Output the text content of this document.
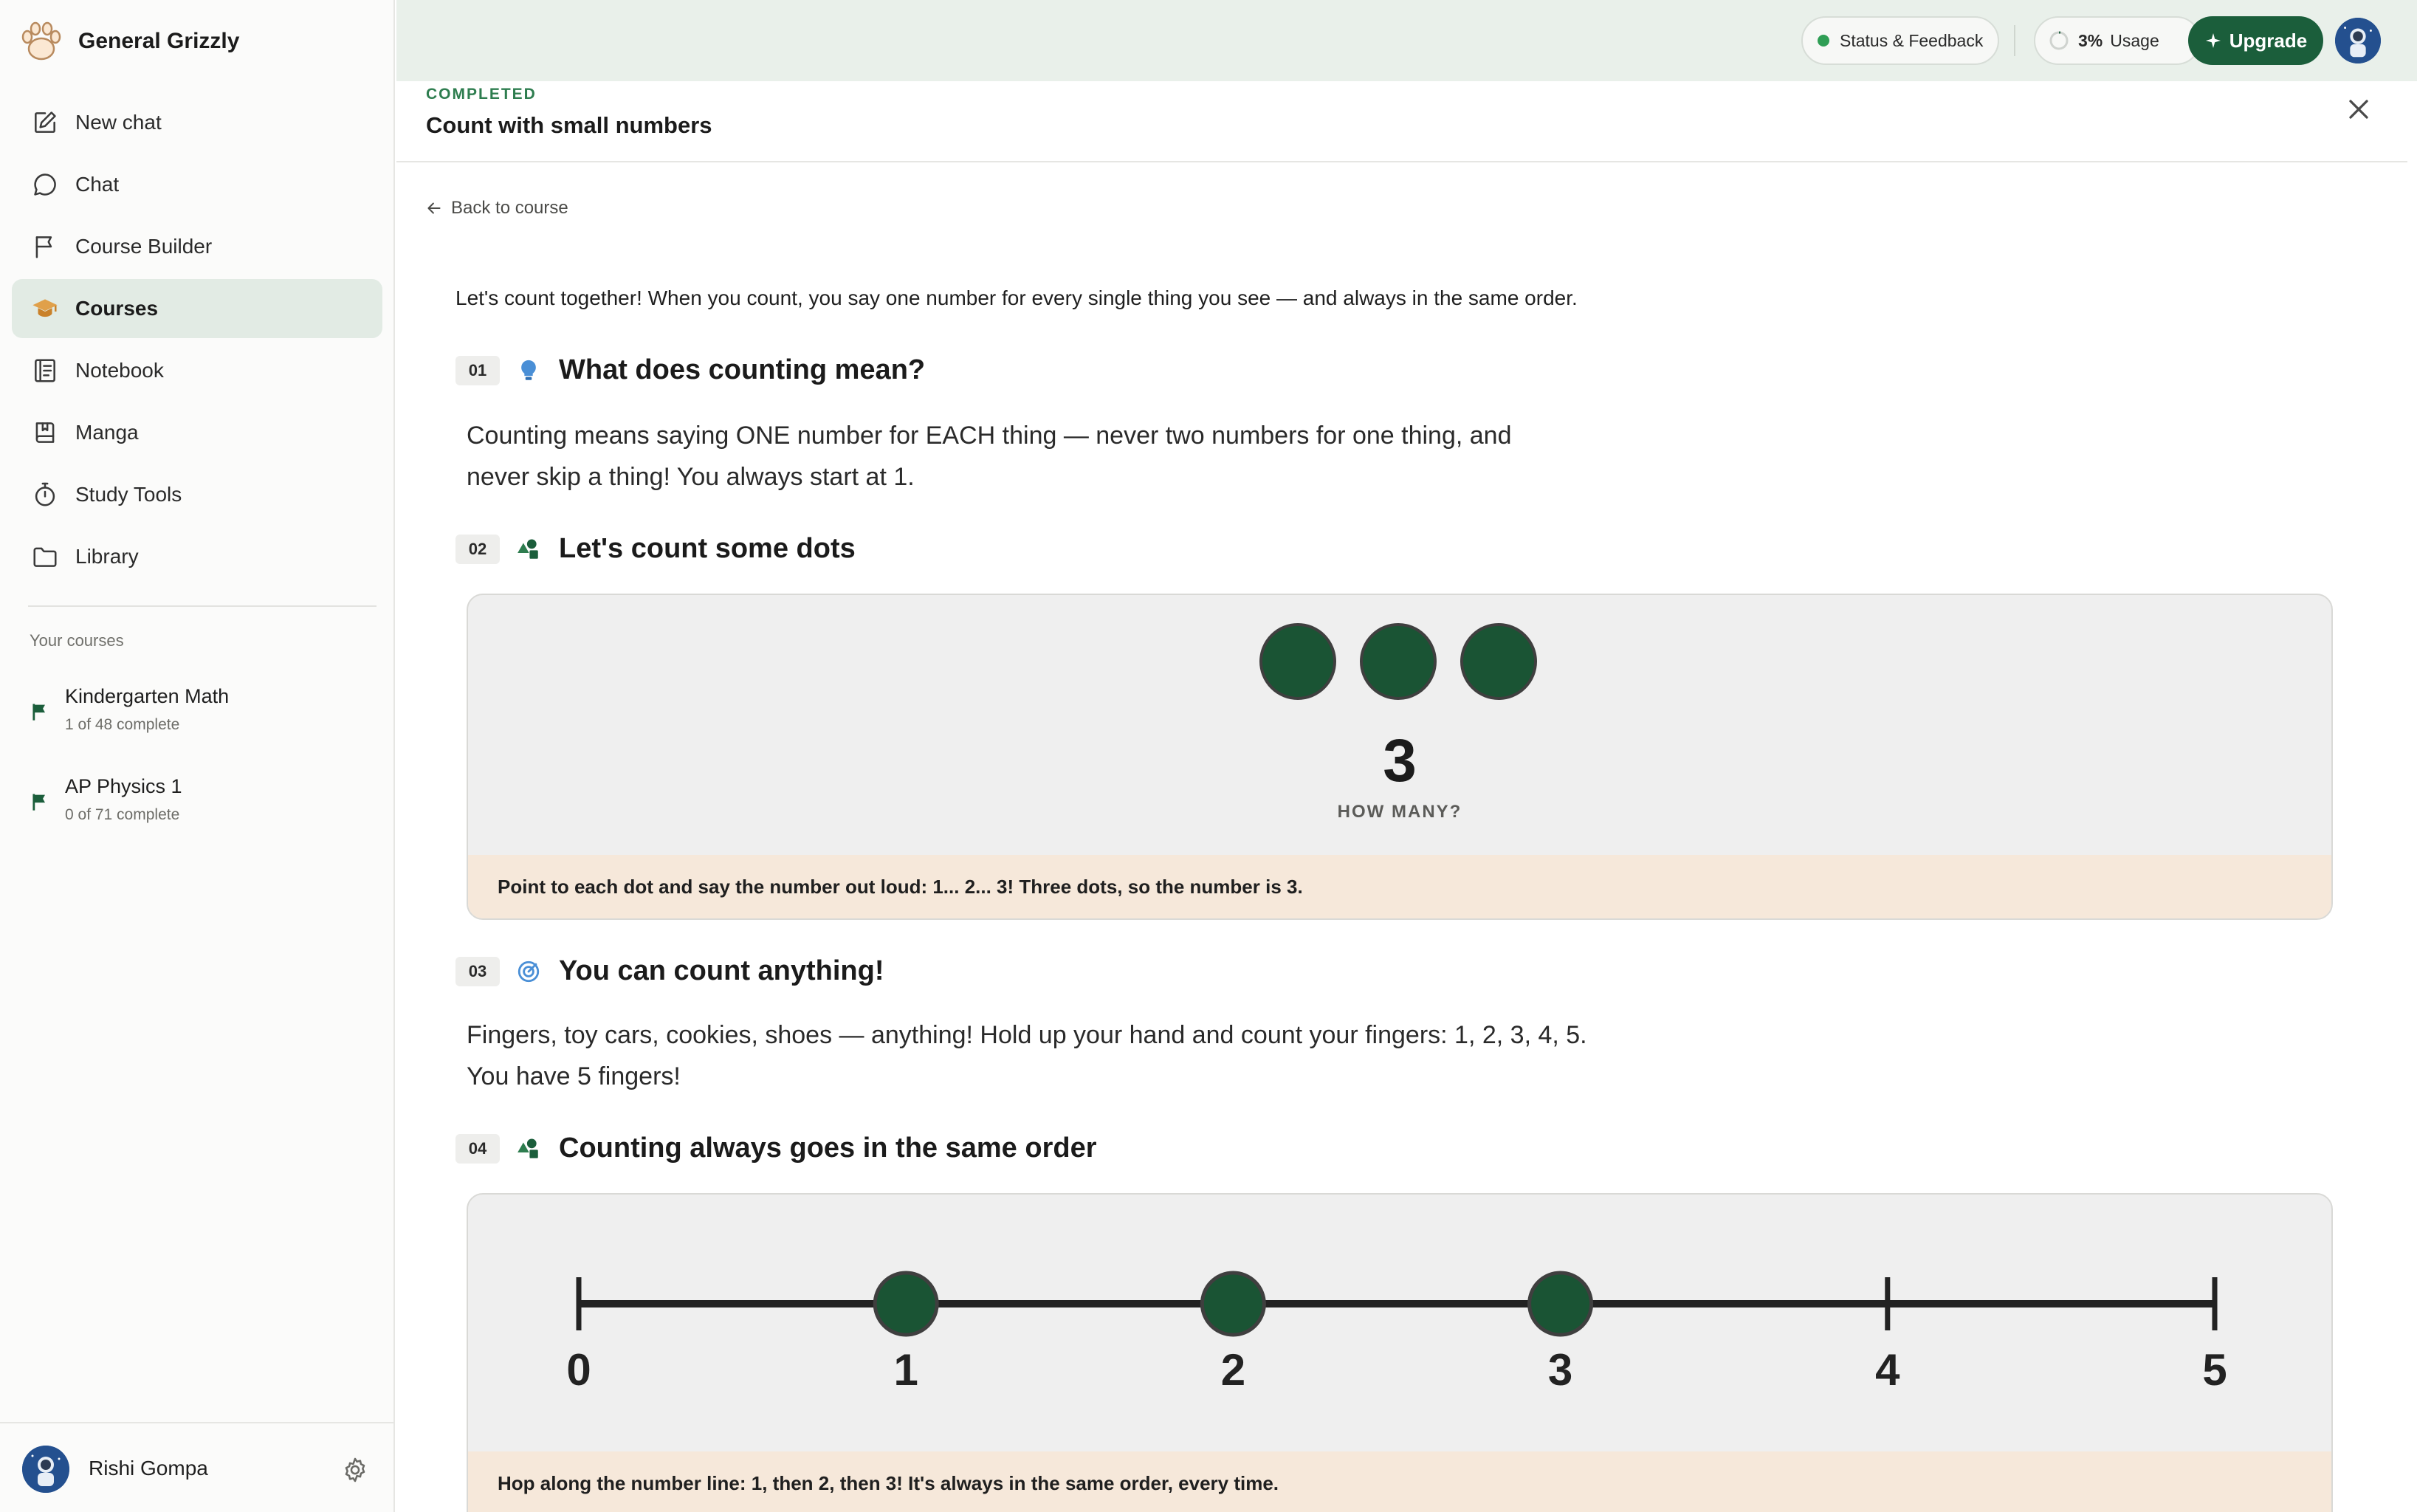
General Grizzly
New chat
Chat
Course Builder
Courses
Notebook
Manga
Study Tools
Library
Your courses
Kindergarten Math
1 of 48 complete
AP Physics 1
0 of 71 complete
Rishi Gompa
Status & Feedback	3% Usage	Upgrade
COMPLETED
Count with small numbers
Back to course
Let's count together! When you count, you say one number for every single thing you see — and always in the same order.
01	What does counting mean?
Counting means saying ONE number for EACH thing — never two numbers for one thing, and
never skip a thing! You always start at 1.
02	Let's count some dots
3
HOW MANY?
Point to each dot and say the number out loud: 1... 2... 3! Three dots, so the number is 3.
03	You can count anything!
Fingers, toy cars, cookies, shoes — anything! Hold up your hand and count your fingers: 1, 2, 3, 4, 5.
You have 5 fingers!
04	Counting always goes in the same order
0	1	2	3	4	5
Hop along the number line: 1, then 2, then 3! It's always in the same order, every time.
